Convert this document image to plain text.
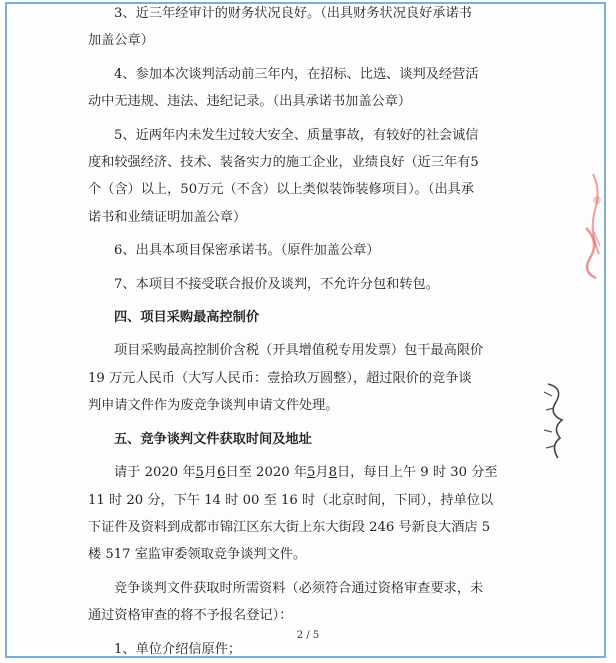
3、近三年经审计的财务状况良好。（出具财务状况良好承诺书
加盖公章）
4、参加本次谈判活动前三年内，在招标、比选、谈判及经营活
动中无违规、违法、违纪记录。（出具承诺书加盖公章）
5、近两年内未发生过较大安全、质量事故，有较好的社会诚信
度和较强经济、技术、装备实力的施工企业，业绩良好（近三年有5
个（含）以上，50万元（不含）以上类似装饰装修项目）。（出具承
诺书和业绩证明加盖公章）
6、出具本项目保密承诺书。（原件加盖公章）
7、本项目不接受联合报价及谈判，不允许分包和转包。
四、项目采购最高控制价
项目采购最高控制价含税（开具增值税专用发票）包干最高限价
19 万元人民币（大写人民币：壹拾玖万圆整），超过限价的竞争谈
判申请文件作为废竞争谈判申请文件处理。
五、竞争谈判文件获取时间及地址
请于 2020 年5月6日至 2020 年5月8日，每日上午 9 时 30 分至
11 时 20 分，下午 14 时 00 至 16 时（北京时间，下同），持单位以
下证件及资料到成都市锦江区东大街上东大街段 246 号新良大酒店 5
楼 517 室监审委领取竞争谈判文件。
竞争谈判文件获取时所需资料（必须符合通过资格审查要求，未
通过资格审查的将不予报名登记）：
1、单位介绍信原件；
2 / 5
